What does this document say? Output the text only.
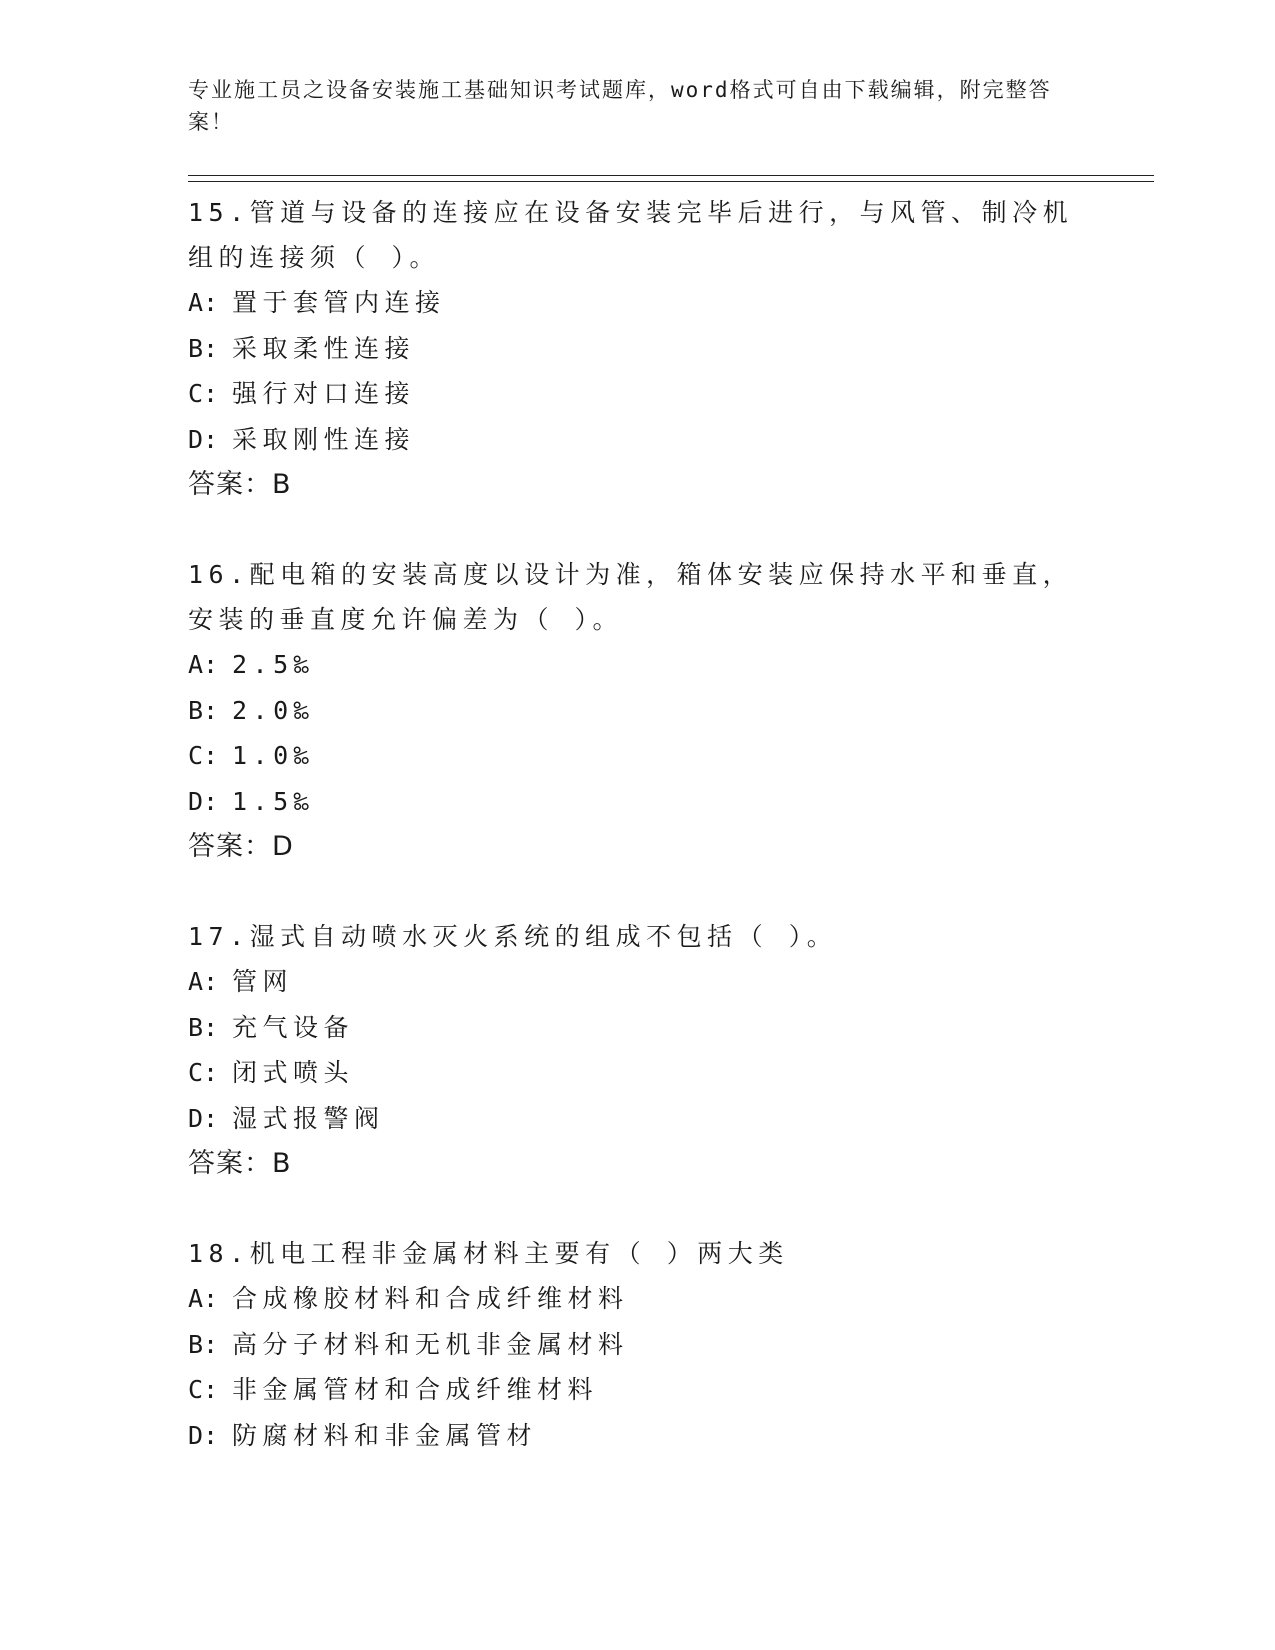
专业施工员之设备安装施工基础知识考试题库，word格式可自由下载编辑，附完整答案！
15.管道与设备的连接应在设备安装完毕后进行，与风管、制冷机组的连接须（ ）。
A: 置于套管内连接
B: 采取柔性连接
C: 强行对口连接
D: 采取刚性连接
答案：B
16.配电箱的安装高度以设计为准，箱体安装应保持水平和垂直，安装的垂直度允许偏差为（ ）。
A: 2.5‰
B: 2.0‰
C: 1.0‰
D: 1.5‰
答案：D
17.湿式自动喷水灭火系统的组成不包括（ ）。
A: 管网
B: 充气设备
C: 闭式喷头
D: 湿式报警阀
答案：B
18.机电工程非金属材料主要有（ ）两大类
A: 合成橡胶材料和合成纤维材料
B: 高分子材料和无机非金属材料
C: 非金属管材和合成纤维材料
D: 防腐材料和非金属管材
